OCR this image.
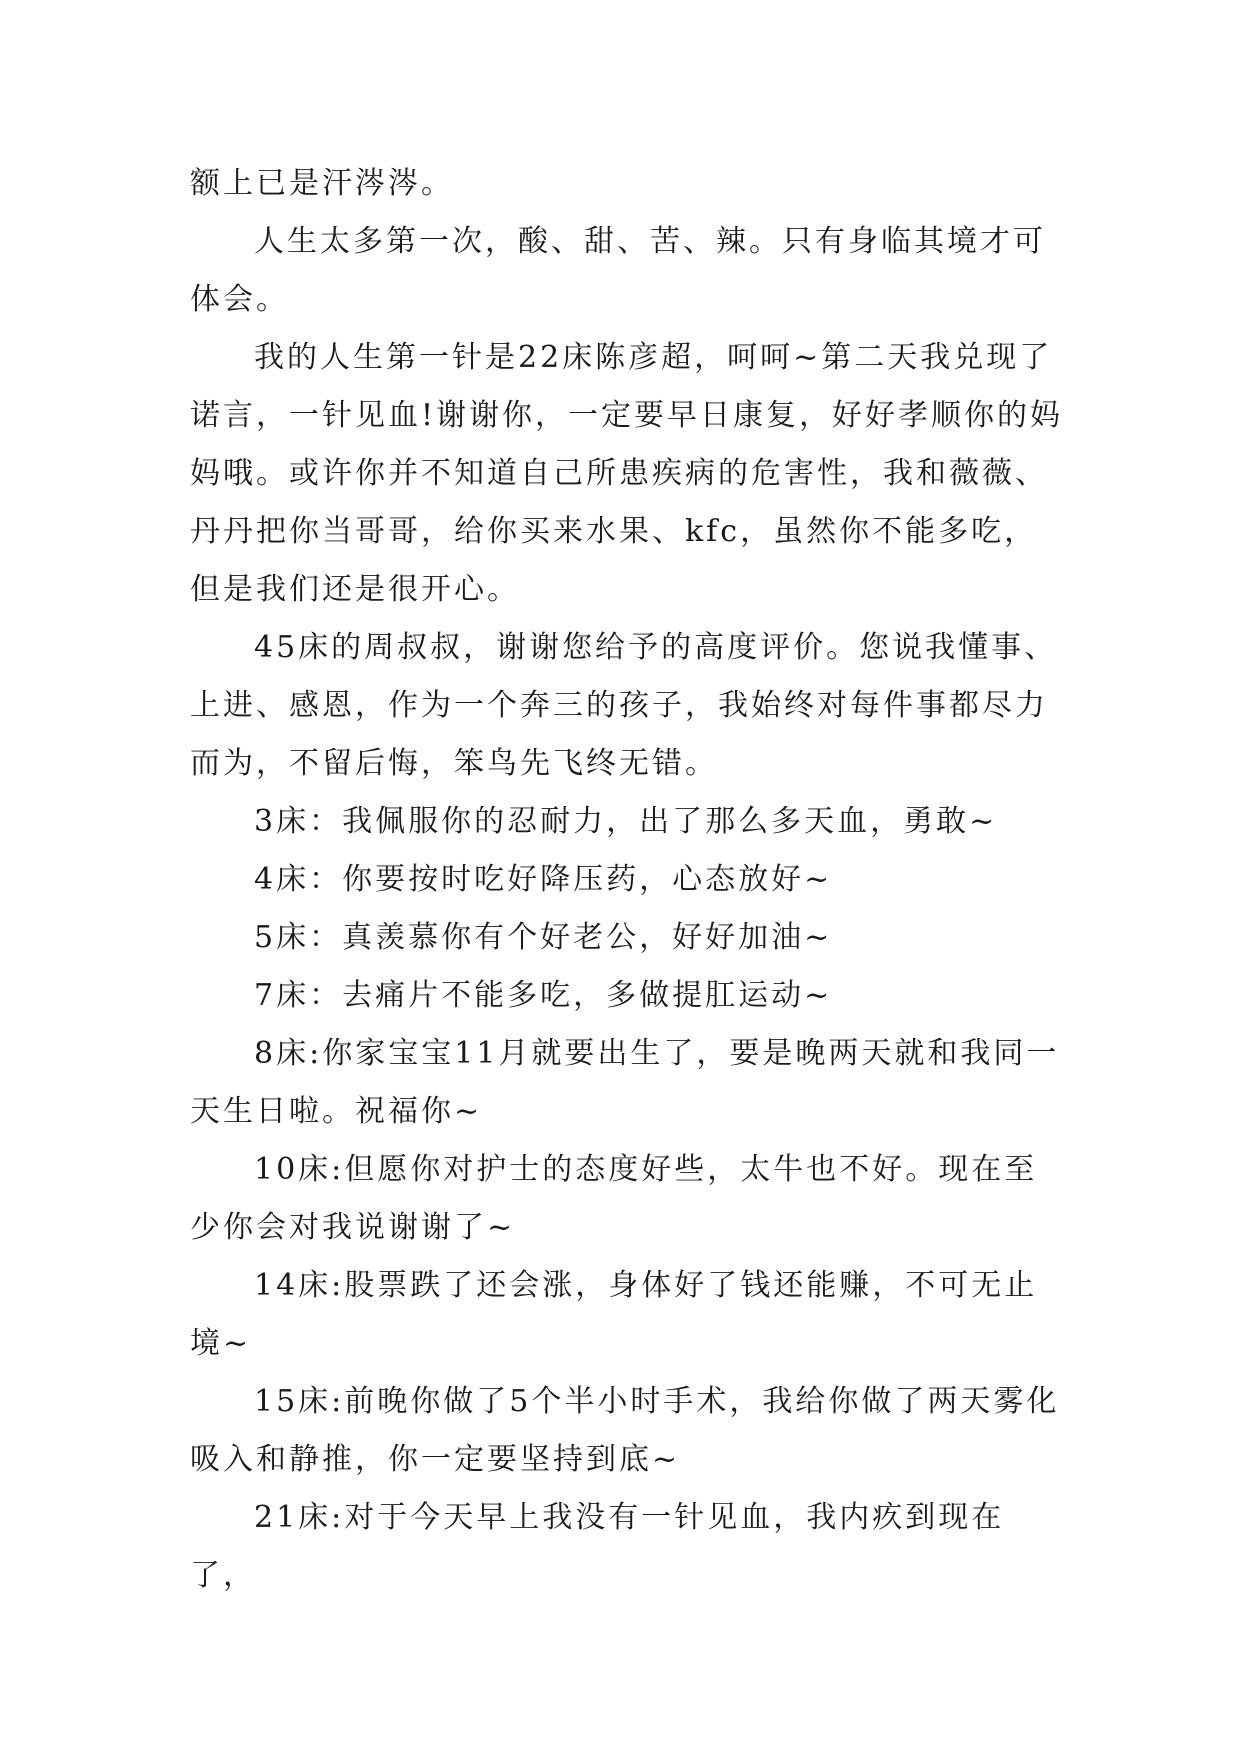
额上已是汗涔涔。

人生太多第一次，酸、甜、苦、辣。只有身临其境才可体会。

我的人生第一针是22床陈彦超，呵呵~第二天我兑现了诺言，一针见血!谢谢你，一定要早日康复，好好孝顺你的妈妈哦。或许你并不知道自己所患疾病的危害性，我和薇薇、丹丹把你当哥哥，给你买来水果、kfc，虽然你不能多吃，但是我们还是很开心。

45床的周叔叔，谢谢您给予的高度评价。您说我懂事、上进、感恩，作为一个奔三的孩子，我始终对每件事都尽力而为，不留后悔，笨鸟先飞终无错。

3床：我佩服你的忍耐力，出了那么多天血，勇敢~

4床：你要按时吃好降压药，心态放好~

5床：真羡慕你有个好老公，好好加油~

7床：去痛片不能多吃，多做提肛运动~

8床:你家宝宝11月就要出生了，要是晚两天就和我同一天生日啦。祝福你~

10床:但愿你对护士的态度好些，太牛也不好。现在至少你会对我说谢谢了~

14床:股票跌了还会涨，身体好了钱还能赚，不可无止境~

15床:前晚你做了5个半小时手术，我给你做了两天雾化吸入和静推，你一定要坚持到底~

21床:对于今天早上我没有一针见血，我内疚到现在了，
